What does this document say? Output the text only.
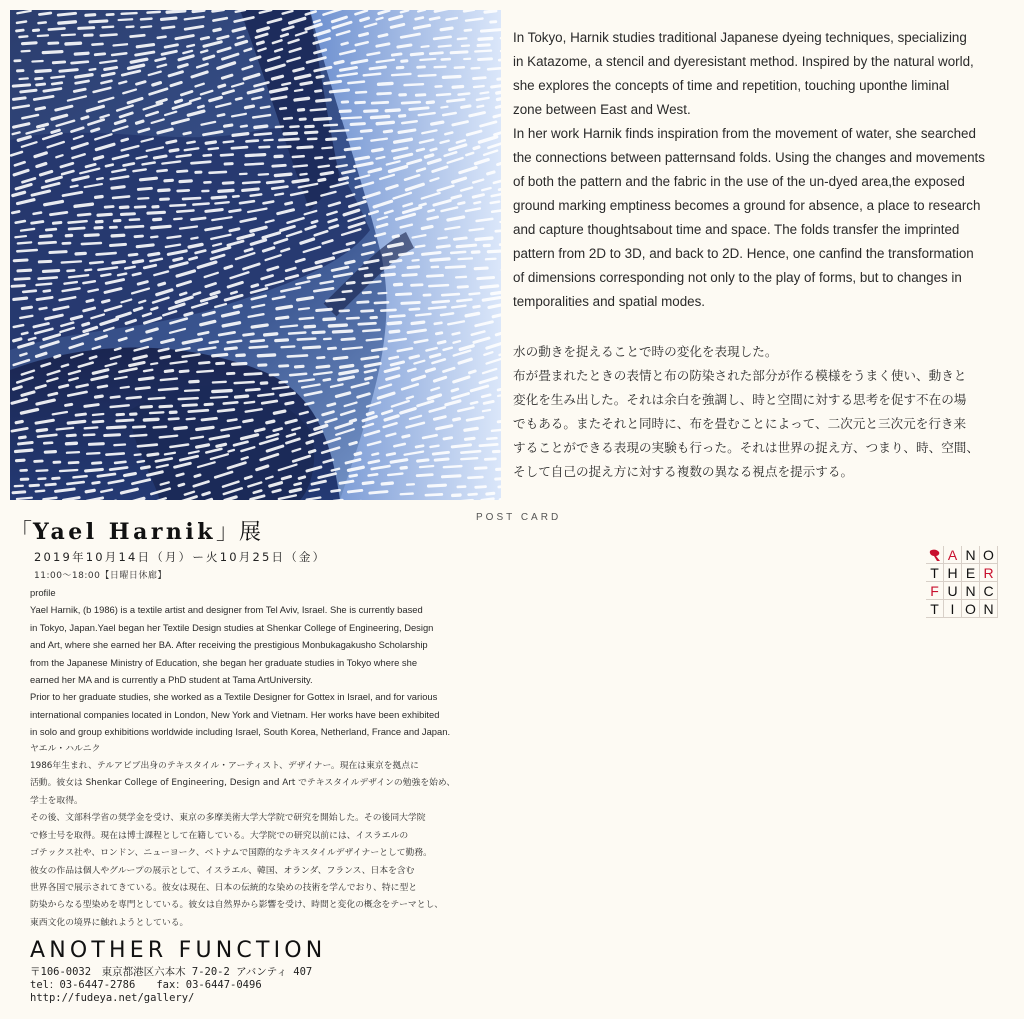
In Tokyo, Harnik studies traditional Japanese dyeing techniques, specializing

in Katazome, a stencil and dyeresistant method. Inspired by the natural world,

she explores the concepts of time and repetition, touching uponthe liminal

zone between East and West.

In her work Harnik finds inspiration from the movement of water, she searched

the connections between patternsand folds. Using the changes and movements

of both the pattern and the fabric in the use of the un-dyed area,the exposed

ground marking emptiness becomes a ground for absence, a place to research

and capture thoughtsabout time and space. The folds transfer the imprinted

pattern from 2D to 3D, and back to 2D. Hence, one canfind the transformation

of dimensions corresponding not only to the play of forms, but to changes in

temporalities and spatial modes.

水の動きを捉えることで時の変化を表現した。

布が畳まれたときの表情と布の防染された部分が作る模様をうまく使い、動きと

変化を生み出した。それは余白を強調し、時と空間に対する思考を促す不在の場

でもある。またそれと同時に、布を畳むことによって、二次元と三次元を行き来

することができる表現の実験も行った。それは世界の捉え方、つまり、時、空間、

そして自己の捉え方に対する複数の異なる視点を提示する。

POST CARD
「Yael Harnik」展
2019年10月14日（月）ー火10月25日（金）
11:00〜18:00【日曜日休廊】

profile

Yael Harnik, (b 1986) is a textile artist and designer from Tel Aviv, Israel. She is currently based

in Tokyo, Japan.Yael began her Textile Design studies at Shenkar College of Engineering, Design

and Art, where she earned her BA. After receiving the prestigious Monbukagakusho Scholarship

from the Japanese Ministry of Education, she began her graduate studies in Tokyo where she

earned her MA and is currently a PhD student at Tama ArtUniversity.

Prior to her graduate studies, she worked as a Textile Designer for Gottex in Israel, and for various

international companies located in London, New York and Vietnam. Her works have been exhibited

in solo and group exhibitions worldwide including Israel, South Korea, Netherland, France and Japan.

ヤエル・ハルニク

1986年生まれ、テルアビブ出身のテキスタイル・アーティスト、デザイナー。現在は東京を拠点に

活動。彼女は Shenkar College of Engineering, Design and Art でテキスタイルデザインの勉強を始め、

学士を取得。

その後、文部科学省の奨学金を受け、東京の多摩美術大学大学院で研究を開始した。その後同大学院

で修士号を取得。現在は博士課程として在籍している。大学院での研究以前には、イスラエルの

ゴテックス社や、ロンドン、ニューヨーク、ベトナムで国際的なテキスタイルデザイナーとして勤務。

彼女の作品は個人やグループの展示として、イスラエル、韓国、オランダ、フランス、日本を含む

世界各国で展示されてきている。彼女は現在、日本の伝統的な染めの技術を学んでおり、特に型と

防染からなる型染めを専門としている。彼女は自然界から影響を受け、時間と変化の概念をテーマとし、

東西文化の境界に触れようとしている。

ANOTHER FUNCTION

〒106-0032　東京都港区六本木 7-20-2 アバンティ 407

tel：03-6447-2786　　fax：03-6447-0496

http://fudeya.net/gallery/

A N O
T H E R
F U N C
T I O N
